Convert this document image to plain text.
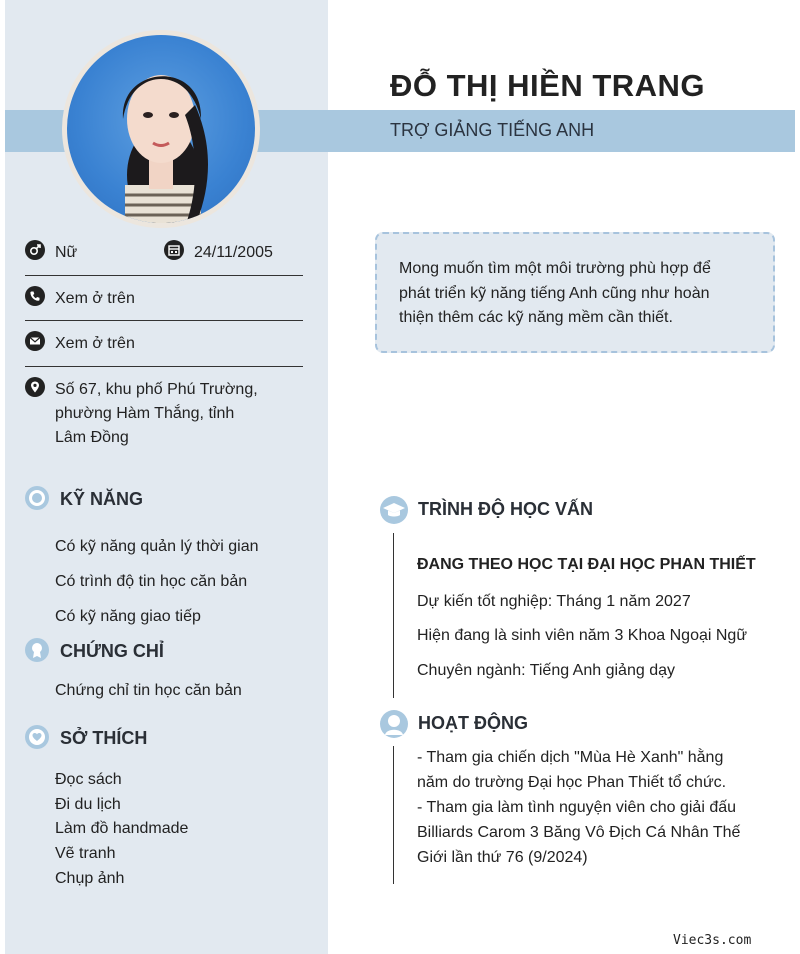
ĐỖ THỊ HIỀN TRANG
TRỢ GIẢNG TIẾNG ANH
Nữ	24/11/2005
Xem ở trên
Xem ở trên
Số 67, khu phố Phú Trường,
phường Hàm Thắng, tỉnh
Lâm Đồng
KỸ NĂNG
Có kỹ năng quản lý thời gian
Có trình độ tin học căn bản
Có kỹ năng giao tiếp
CHỨNG CHỈ
Chứng chỉ tin học căn bản
SỞ THÍCH
Đọc sách
Đi du lịch
Làm đồ handmade
Vẽ tranh
Chụp ảnh
Mong muốn tìm một môi trường phù hợp để
phát triển kỹ năng tiếng Anh cũng như hoàn
thiện thêm các kỹ năng mềm cần thiết.
TRÌNH ĐỘ HỌC VẤN
ĐANG THEO HỌC TẠI ĐẠI HỌC PHAN THIẾT
Dự kiến tốt nghiệp: Tháng 1 năm 2027
Hiện đang là sinh viên năm 3 Khoa Ngoại Ngữ
Chuyên ngành: Tiếng Anh giảng dạy
HOẠT ĐỘNG
- Tham gia chiến dịch "Mùa Hè Xanh" hằng
năm do trường Đại học Phan Thiết tổ chức.
- Tham gia làm tình nguyện viên cho giải đấu
Billiards Carom 3 Băng Vô Địch Cá Nhân Thế
Giới lần thứ 76 (9/2024)
Viec3s.com
